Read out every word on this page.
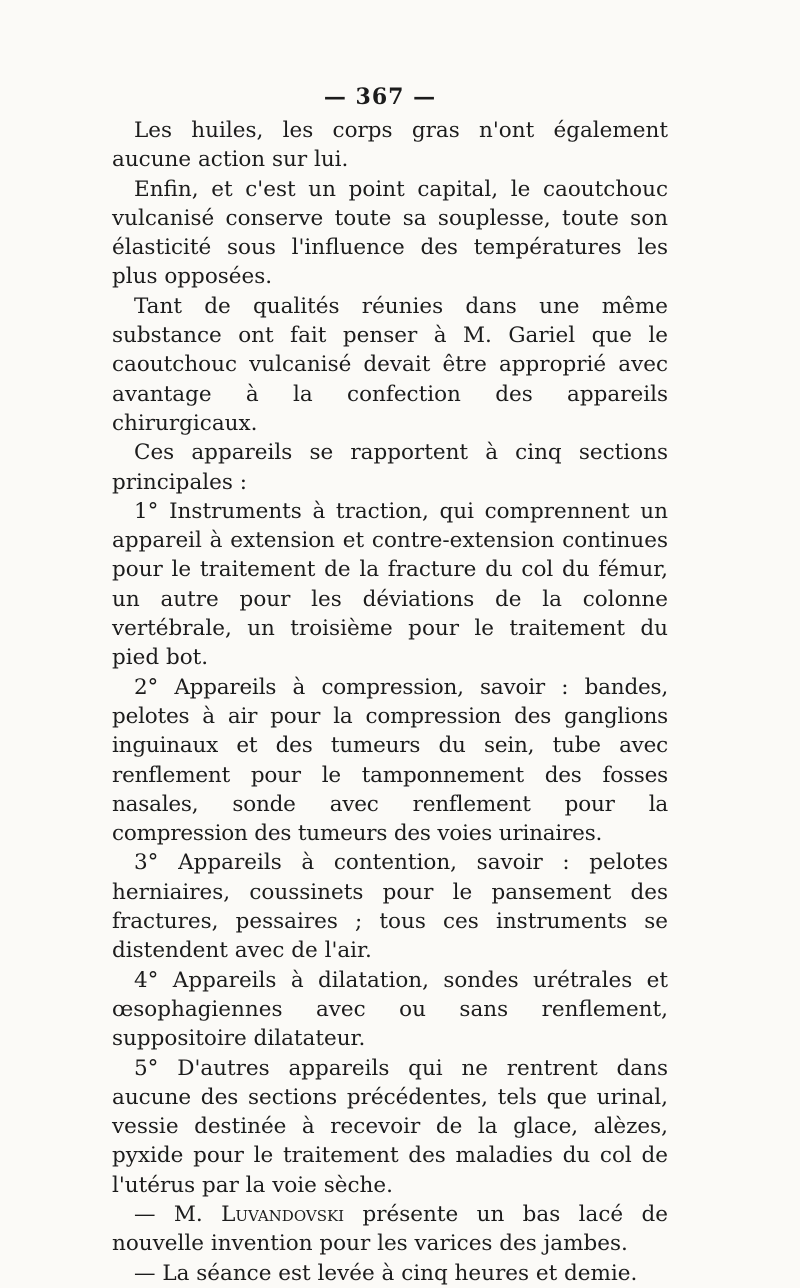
— 367 —

Les huiles, les corps gras n'ont également aucune action sur lui.

Enfin, et c'est un point capital, le caoutchouc vulcanisé conserve toute sa souplesse, toute son élasticité sous l'influence des températures les plus opposées.

Tant de qualités réunies dans une même substance ont fait penser à M. Gariel que le caoutchouc vulcanisé devait être approprié avec avantage à la confection des appareils chirurgicaux.

Ces appareils se rapportent à cinq sections principales :

1° Instruments à traction, qui comprennent un appareil à extension et contre-extension continues pour le traitement de la fracture du col du fémur, un autre pour les déviations de la colonne vertébrale, un troisième pour le traitement du pied bot.

2° Appareils à compression, savoir : bandes, pelotes à air pour la compression des ganglions inguinaux et des tumeurs du sein, tube avec renflement pour le tamponnement des fosses nasales, sonde avec renflement pour la compression des tumeurs des voies urinaires.

3° Appareils à contention, savoir : pelotes herniaires, coussinets pour le pansement des fractures, pessaires ; tous ces instruments se distendent avec de l'air.

4° Appareils à dilatation, sondes urétrales et œsophagiennes avec ou sans renflement, suppositoire dilatateur.

5° D'autres appareils qui ne rentrent dans aucune des sections précédentes, tels que urinal, vessie destinée à recevoir de la glace, alèzes, pyxide pour le traitement des maladies du col de l'utérus par la voie sèche.

— M. Luvandovski présente un bas lacé de nouvelle invention pour les varices des jambes.

— La séance est levée à cinq heures et demie.
